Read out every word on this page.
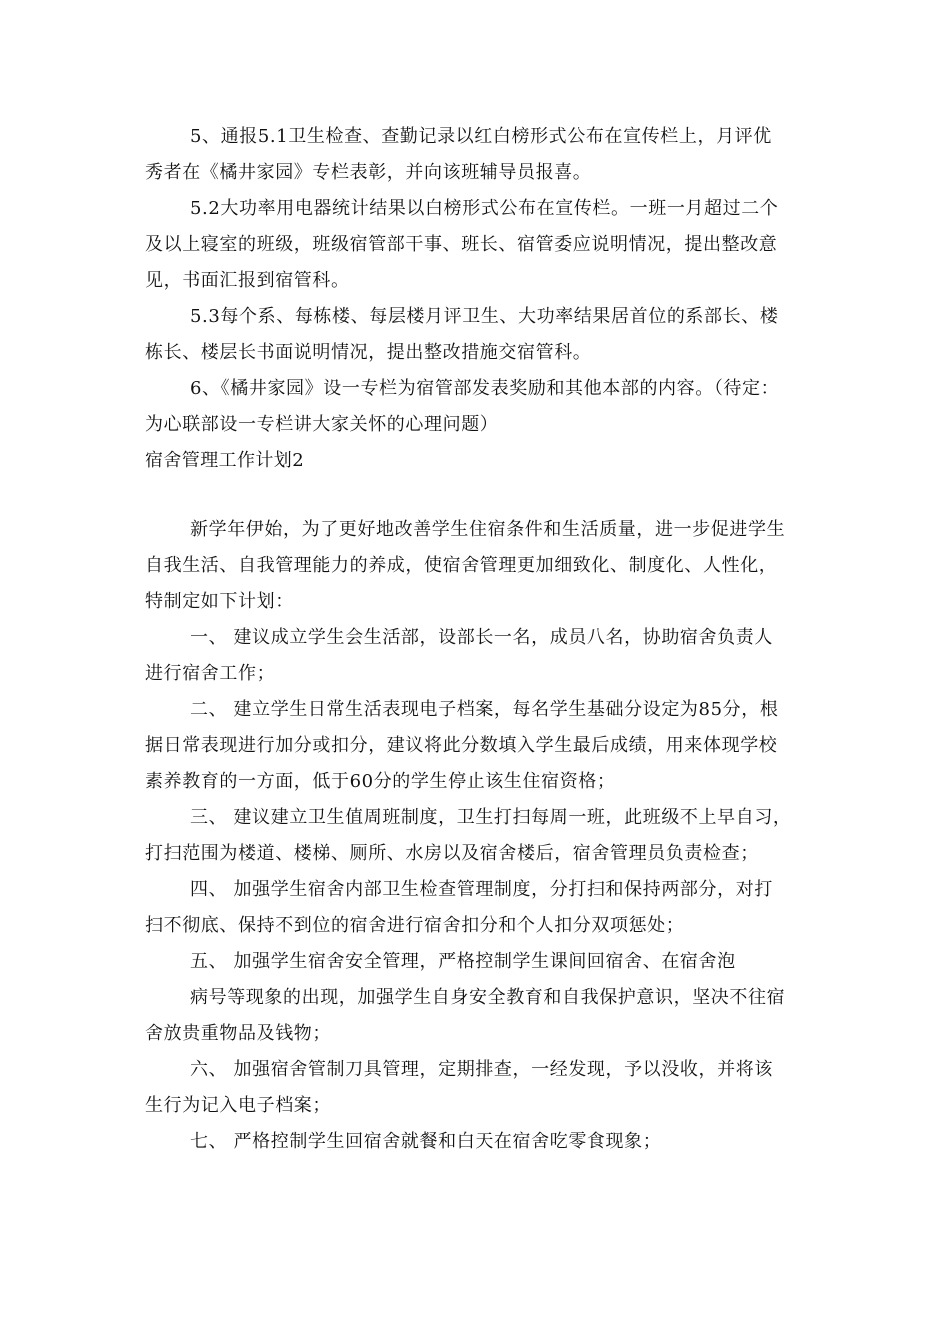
5、通报5.1卫生检查、查勤记录以红白榜形式公布在宣传栏上，月评优
秀者在《橘井家园》专栏表彰，并向该班辅导员报喜。
5.2大功率用电器统计结果以白榜形式公布在宣传栏。一班一月超过二个
及以上寝室的班级，班级宿管部干事、班长、宿管委应说明情况，提出整改意
见，书面汇报到宿管科。
5.3每个系、每栋楼、每层楼月评卫生、大功率结果居首位的系部长、楼
栋长、楼层长书面说明情况，提出整改措施交宿管科。
6、《橘井家园》设一专栏为宿管部发表奖励和其他本部的内容。（待定：
为心联部设一专栏讲大家关怀的心理问题）
宿舍管理工作计划2
新学年伊始，为了更好地改善学生住宿条件和生活质量，进一步促进学生
自我生活、自我管理能力的养成，使宿舍管理更加细致化、制度化、人性化，
特制定如下计划：
一、 建议成立学生会生活部，设部长一名，成员八名，协助宿舍负责人
进行宿舍工作；
二、 建立学生日常生活表现电子档案，每名学生基础分设定为85分，根
据日常表现进行加分或扣分，建议将此分数填入学生最后成绩，用来体现学校
素养教育的一方面，低于60分的学生停止该生住宿资格；
三、 建议建立卫生值周班制度，卫生打扫每周一班，此班级不上早自习，
打扫范围为楼道、楼梯、厕所、水房以及宿舍楼后，宿舍管理员负责检查；
四、 加强学生宿舍内部卫生检查管理制度，分打扫和保持两部分，对打
扫不彻底、保持不到位的宿舍进行宿舍扣分和个人扣分双项惩处；
五、 加强学生宿舍安全管理，严格控制学生课间回宿舍、在宿舍泡
病号等现象的出现，加强学生自身安全教育和自我保护意识，坚决不往宿
舍放贵重物品及钱物；
六、 加强宿舍管制刀具管理，定期排查，一经发现，予以没收，并将该
生行为记入电子档案；
七、 严格控制学生回宿舍就餐和白天在宿舍吃零食现象；
